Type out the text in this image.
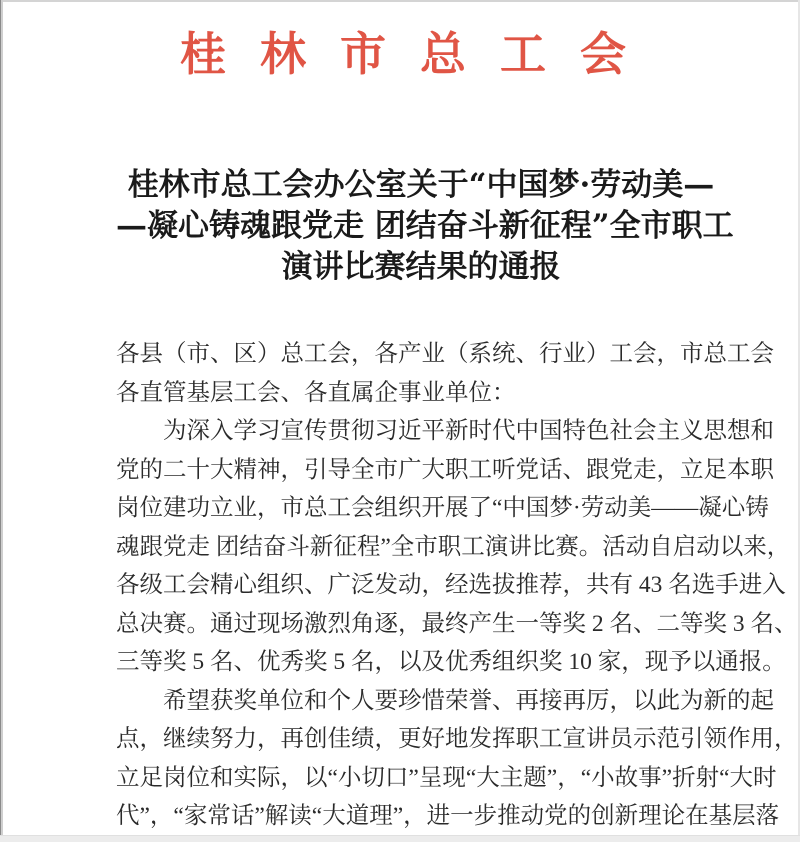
桂林市总工会
桂林市总工会办公室关于“中国梦·劳动美—
—凝心铸魂跟党走 团结奋斗新征程”全市职工
演讲比赛结果的通报
各县（市、区）总工会，各产业（系统、行业）工会，市总工会
各直管基层工会、各直属企事业单位：
为深入学习宣传贯彻习近平新时代中国特色社会主义思想和
党的二十大精神，引导全市广大职工听党话、跟党走，立足本职
岗位建功立业，市总工会组织开展了“中国梦·劳动美——凝心铸
魂跟党走 团结奋斗新征程”全市职工演讲比赛。活动自启动以来，
各级工会精心组织、广泛发动，经选拔推荐，共有 43 名选手进入
总决赛。通过现场激烈角逐，最终产生一等奖 2 名、二等奖 3 名、
三等奖 5 名、优秀奖 5 名，以及优秀组织奖 10 家，现予以通报。
希望获奖单位和个人要珍惜荣誉、再接再厉，以此为新的起
点，继续努力，再创佳绩，更好地发挥职工宣讲员示范引领作用，
立足岗位和实际，以“小切口”呈现“大主题”，“小故事”折射“大时
代”，“家常话”解读“大道理”，进一步推动党的创新理论在基层落
